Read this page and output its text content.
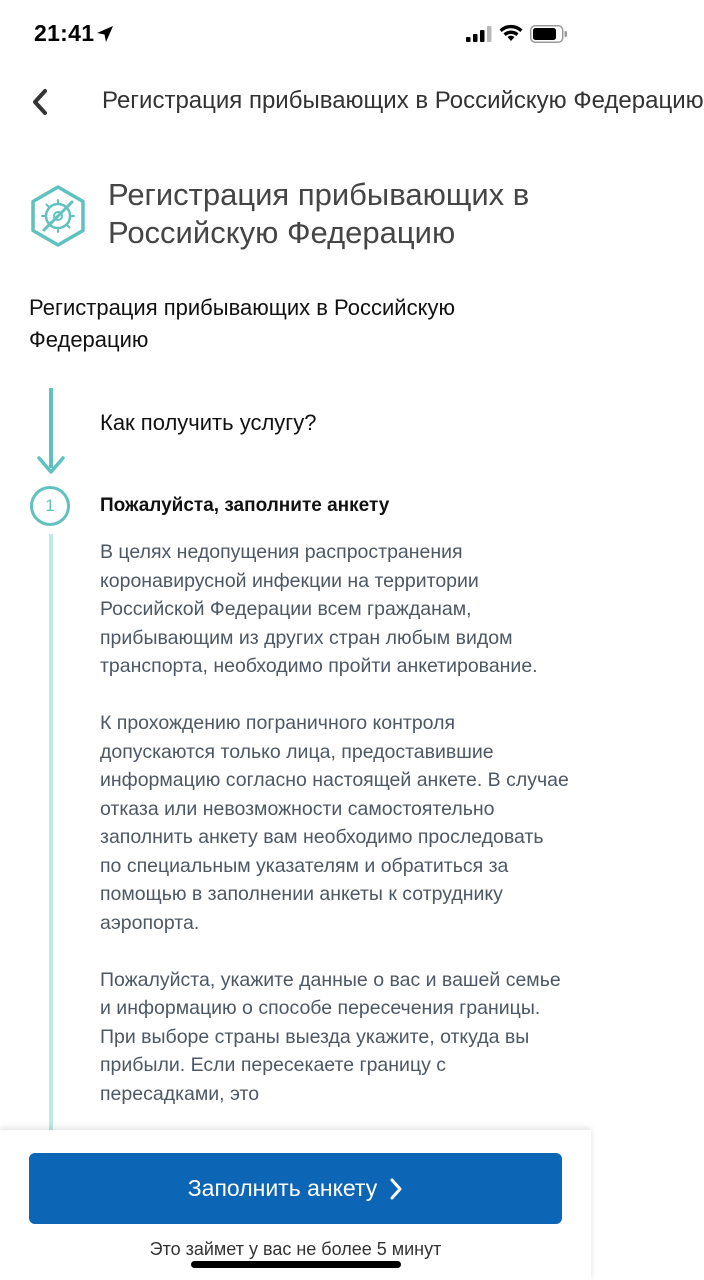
21:41
Регистрация прибывающих в Российскую Федерацию
Регистрация прибывающих в Российскую Федерацию
Регистрация прибывающих в Российскую Федерацию
Как получить услугу?
1	Пожалуйста, заполните анкету

В целях недопущения распространения коронавирусной инфекции на территории Российской Федерации всем гражданам, прибывающим из других стран любым видом транспорта, необходимо пройти анкетирование.

К прохождению пограничного контроля допускаются только лица, предоставившие информацию согласно настоящей анкете. В случае отказа или невозможности самостоятельно заполнить анкету вам необходимо проследовать по специальным указателям и обратиться за помощью в заполнении анкеты к сотруднику аэропорта.

Пожалуйста, укажите данные о вас и вашей семье и информацию о способе пересечения границы. При выборе страны выезда укажите, откуда вы прибыли. Если пересекаете границу с пересадками, это

Заполнить анкету
Это займет у вас не более 5 минут
